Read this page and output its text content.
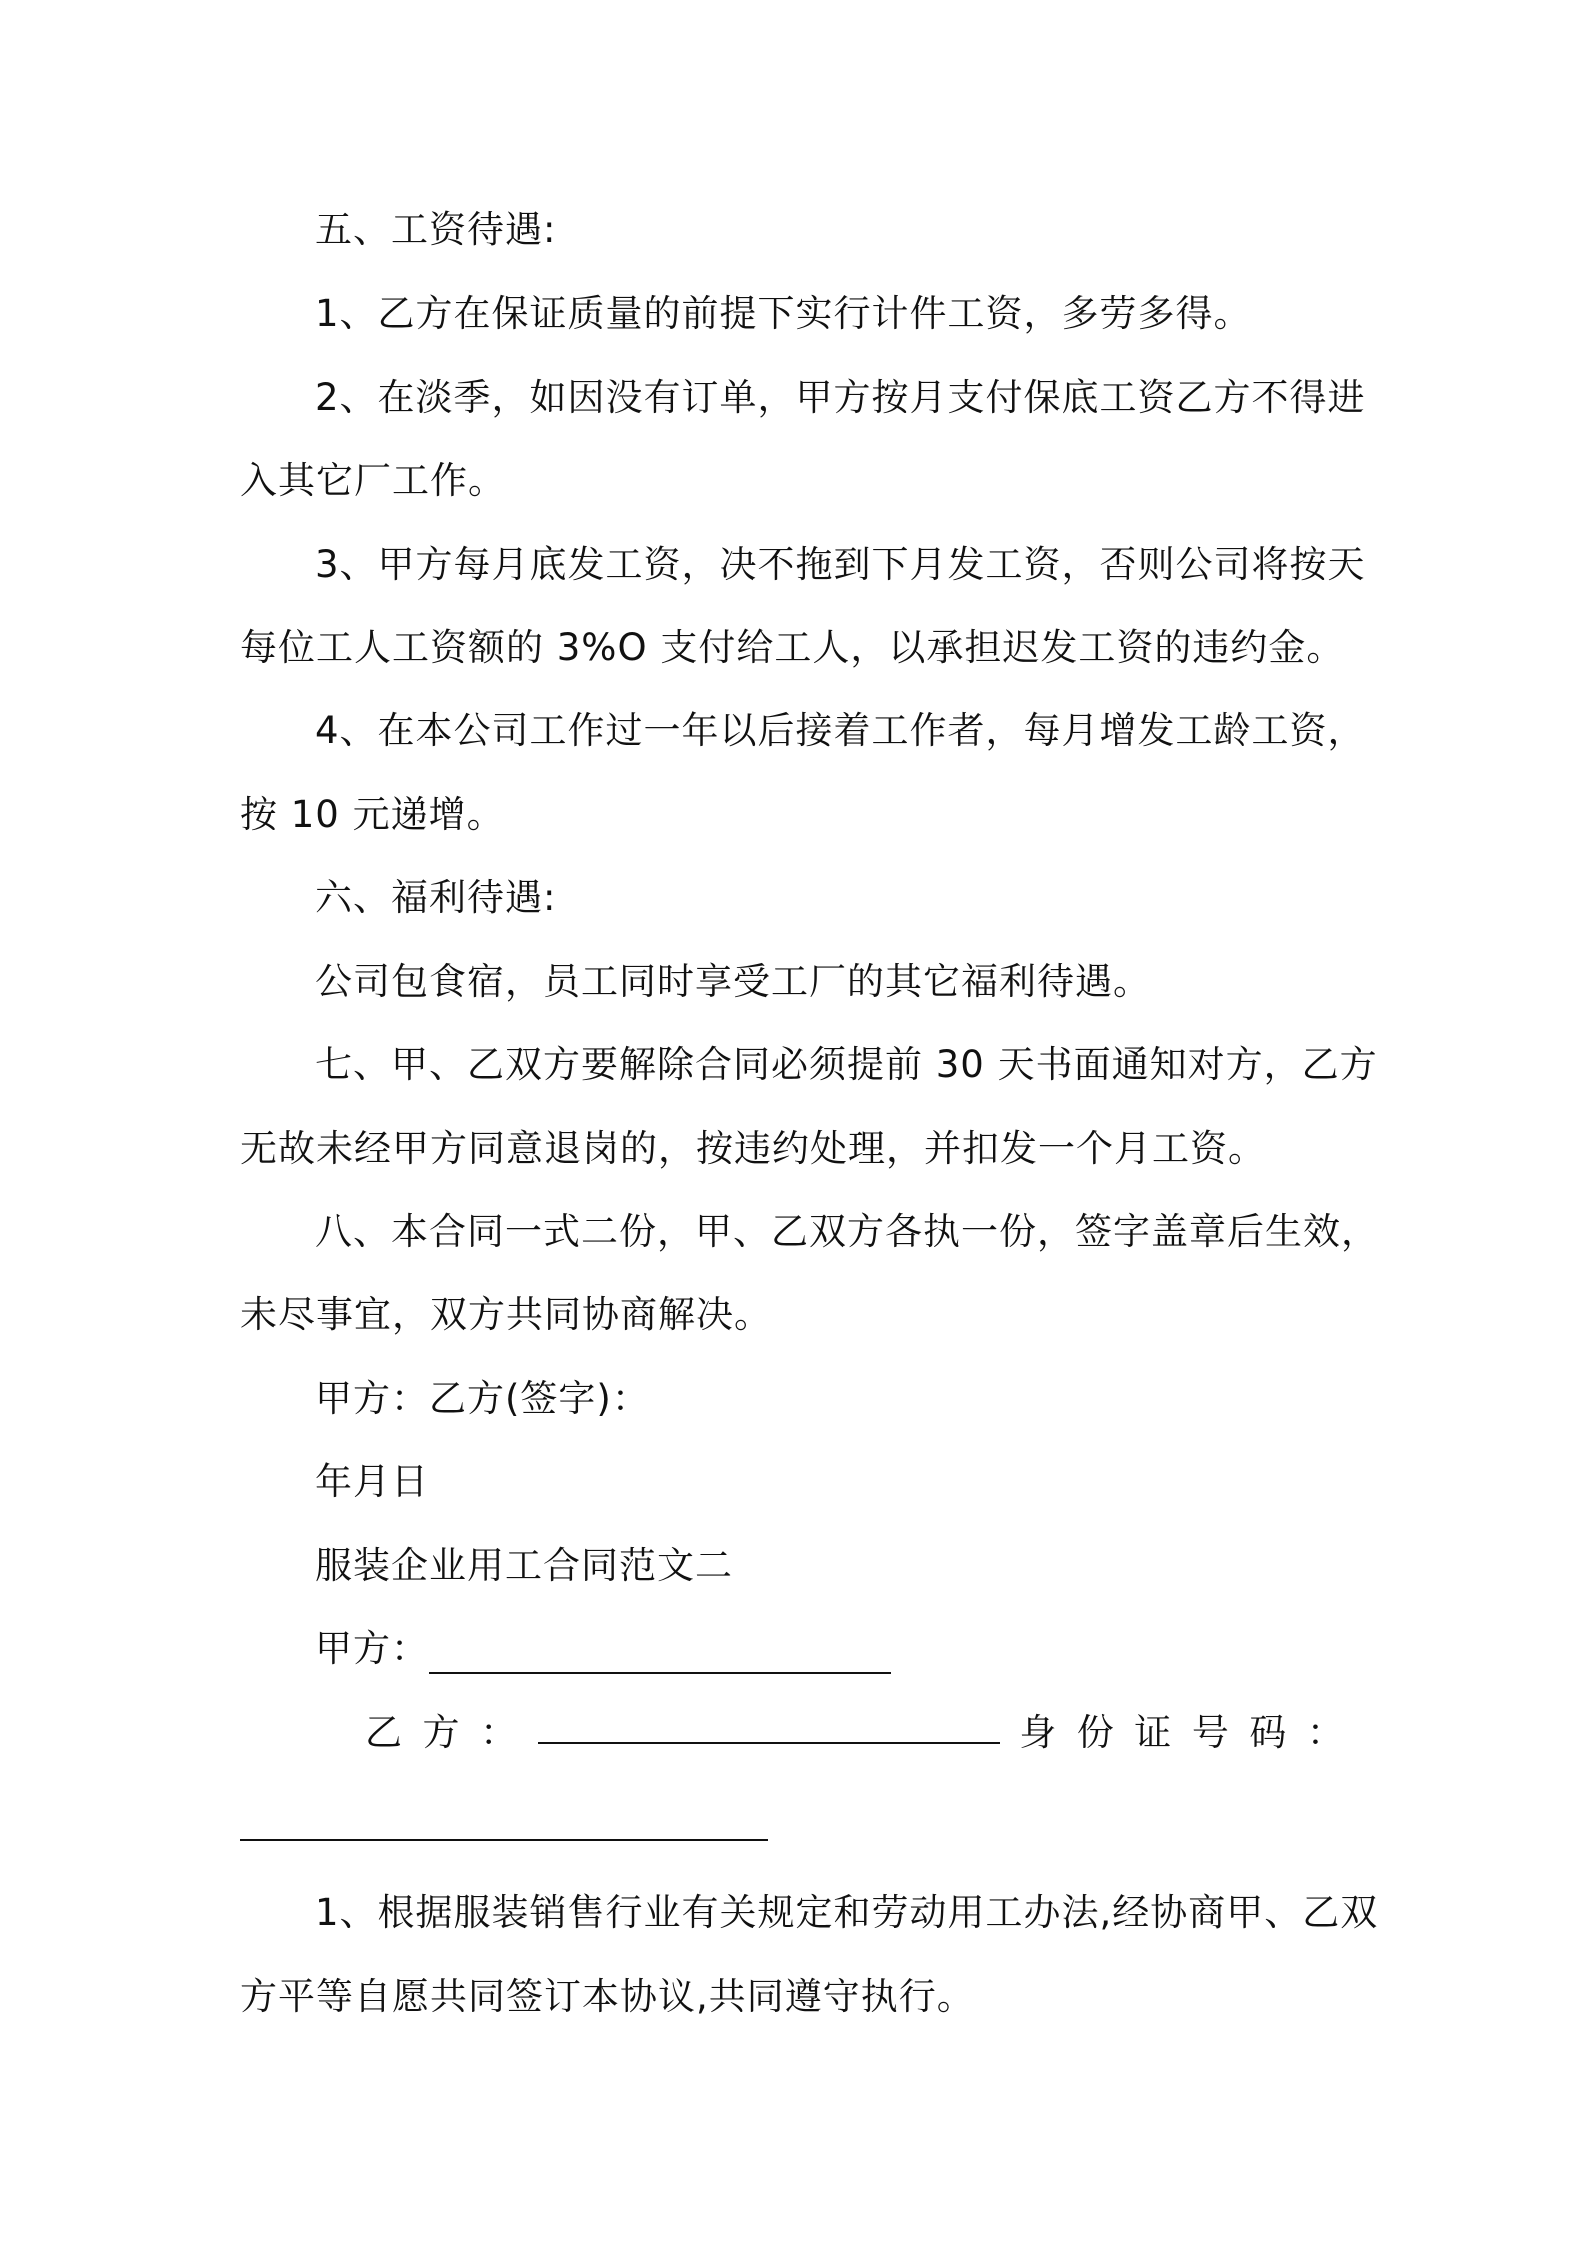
五、工资待遇:
1、乙方在保证质量的前提下实行计件工资，多劳多得。
2、在淡季，如因没有订单，甲方按月支付保底工资乙方不得进
入其它厂工作。
3、甲方每月底发工资，决不拖到下月发工资，否则公司将按天
每位工人工资额的 3%O 支付给工人，以承担迟发工资的违约金。
4、在本公司工作过一年以后接着工作者，每月增发工龄工资，
按 10 元递增。
六、福利待遇:
公司包食宿，员工同时享受工厂的其它福利待遇。
七、甲、乙双方要解除合同必须提前 30 天书面通知对方，乙方
无故未经甲方同意退岗的，按违约处理，并扣发一个月工资。
八、本合同一式二份，甲、乙双方各执一份，签字盖章后生效，
未尽事宜，双方共同协商解决。
甲方：乙方(签字)：
年月日
服装企业用工合同范文二
甲方：
乙 方 ：	身 份 证 号 码 ：
1、根据服装销售行业有关规定和劳动用工办法,经协商甲、乙双
方平等自愿共同签订本协议,共同遵守执行。
